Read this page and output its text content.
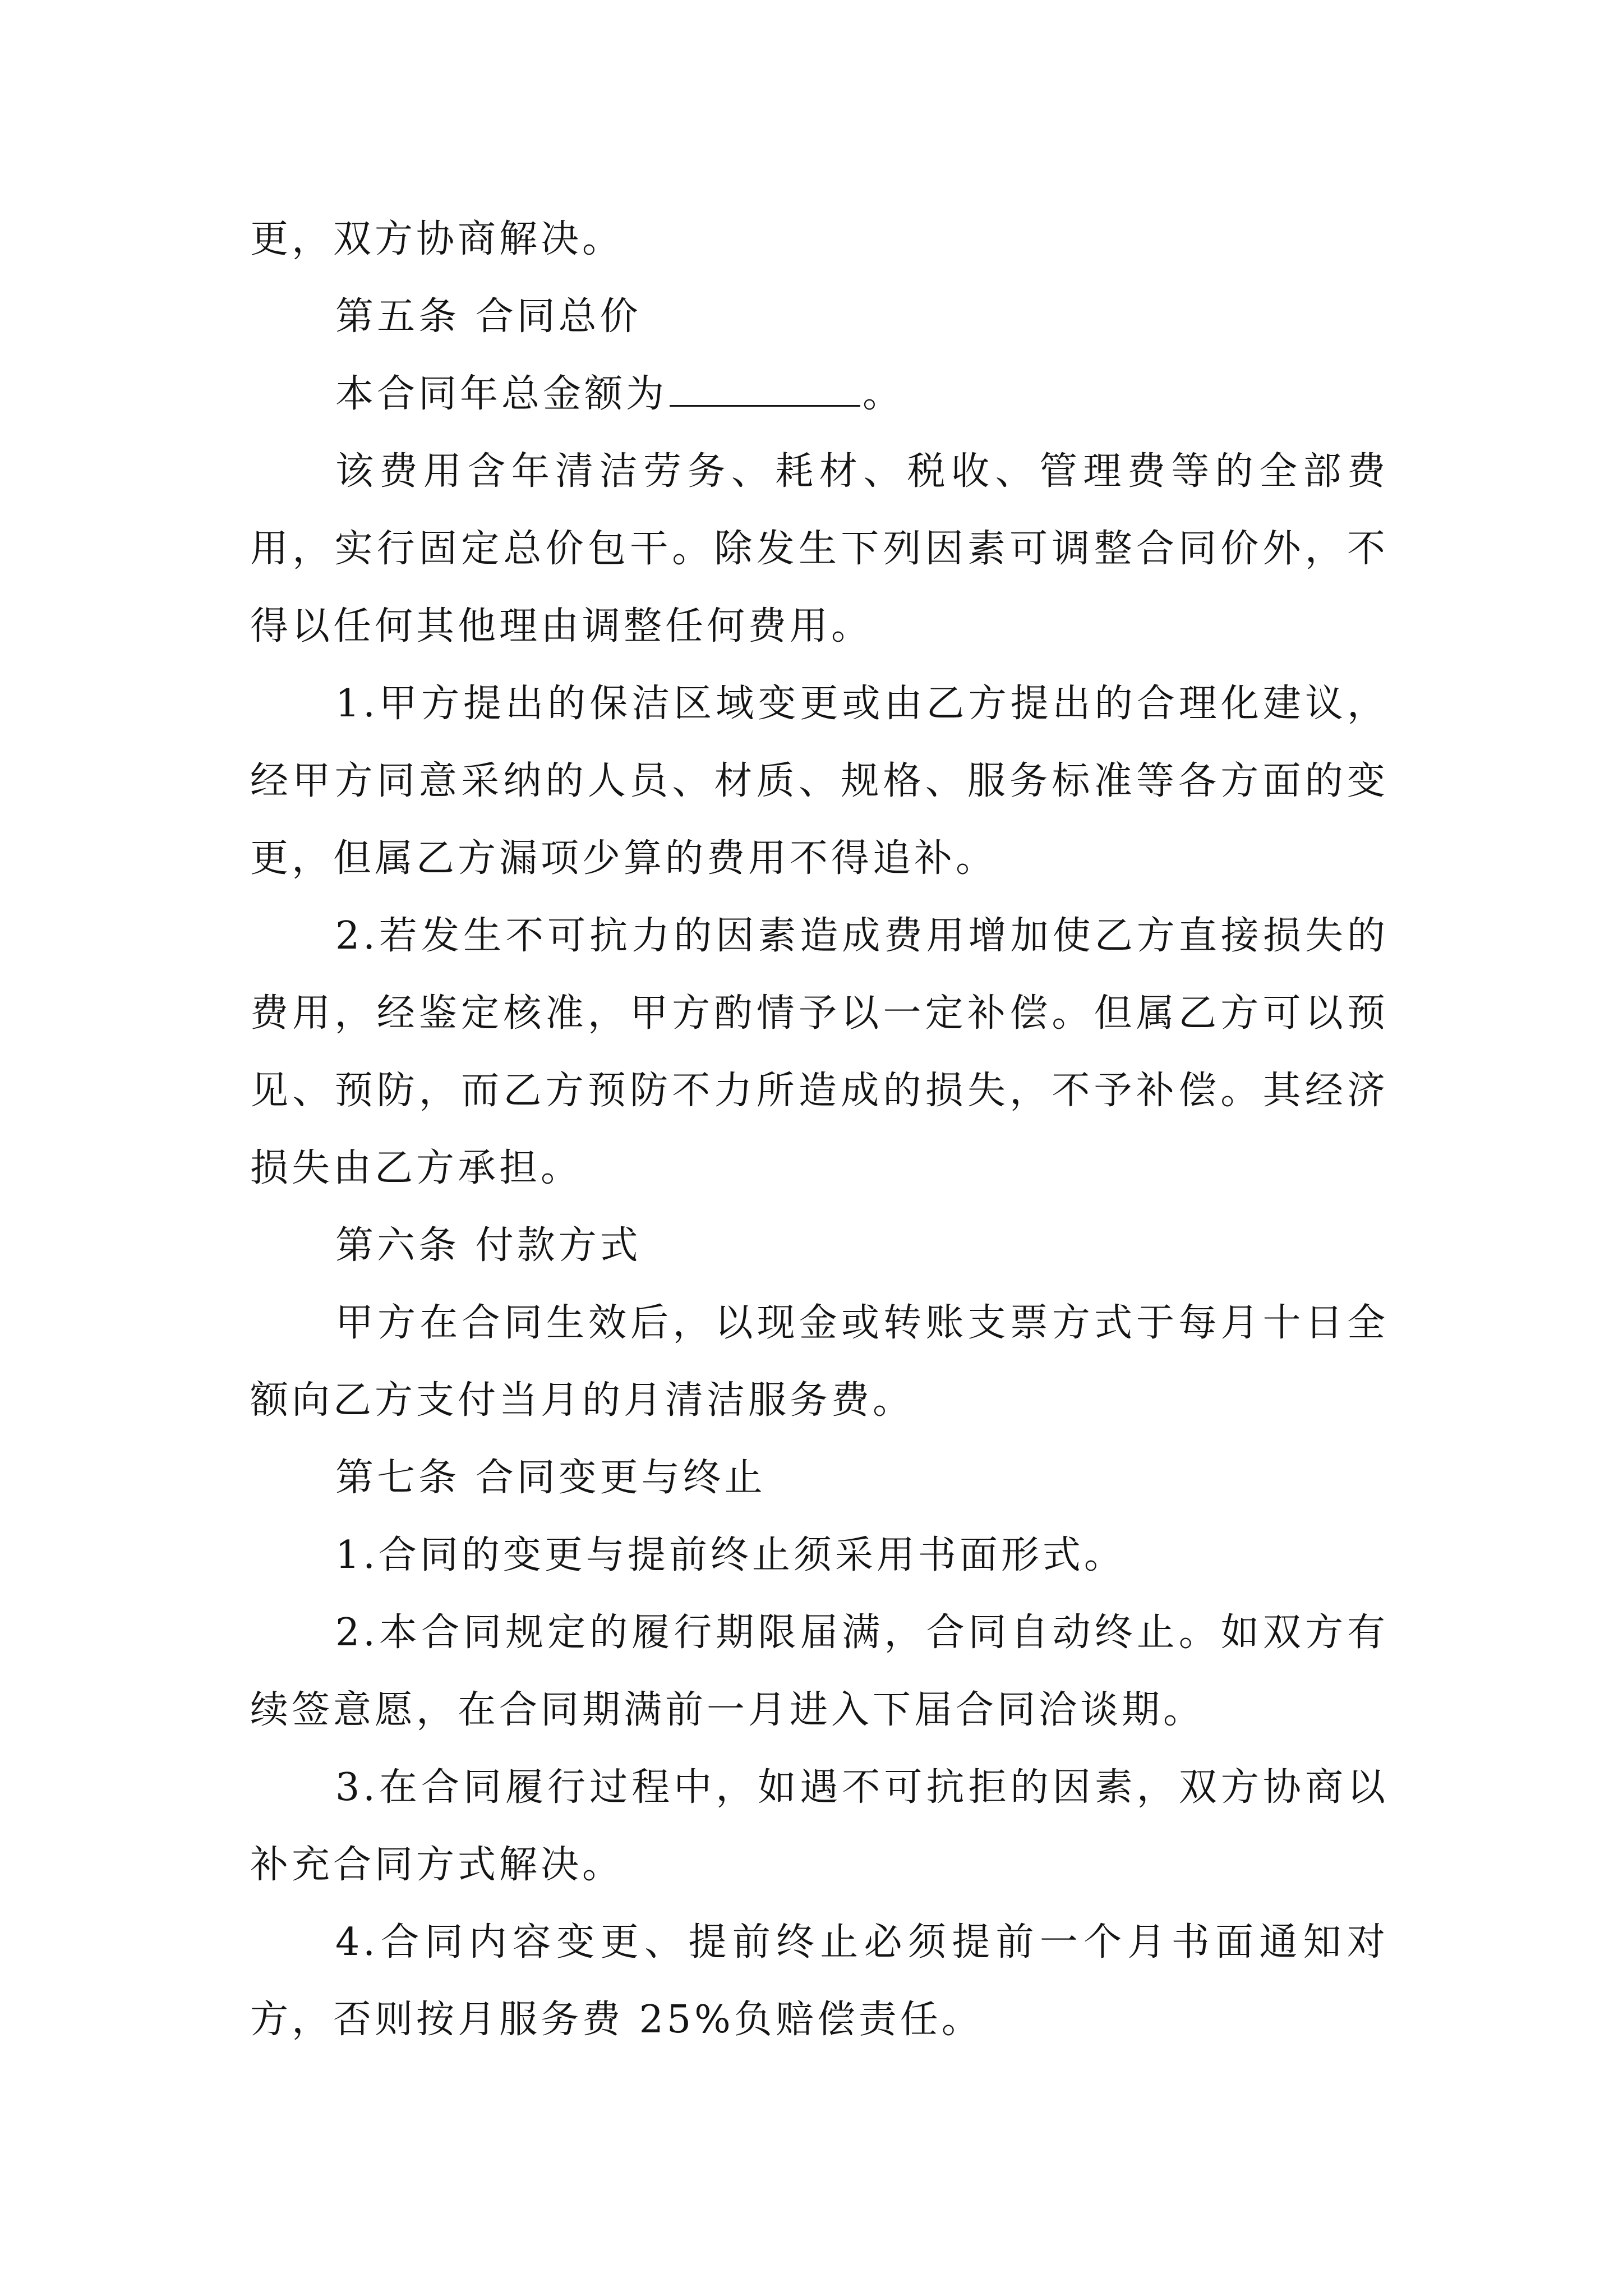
更，双方协商解决。

第五条 合同总价

本合同年总金额为	。

该费用含年清洁劳务、耗材、税收、管理费等的全部费用，实行固定总价包干。除发生下列因素可调整合同价外，不得以任何其他理由调整任何费用。

1.甲方提出的保洁区域变更或由乙方提出的合理化建议，经甲方同意采纳的人员、材质、规格、服务标准等各方面的变更，但属乙方漏项少算的费用不得追补。

2.若发生不可抗力的因素造成费用增加使乙方直接损失的费用，经鉴定核准，甲方酌情予以一定补偿。但属乙方可以预见、预防，而乙方预防不力所造成的损失，不予补偿。其经济损失由乙方承担。

第六条 付款方式

甲方在合同生效后，以现金或转账支票方式于每月十日全额向乙方支付当月的月清洁服务费。

第七条 合同变更与终止

1.合同的变更与提前终止须采用书面形式。

2.本合同规定的履行期限届满，合同自动终止。如双方有续签意愿，在合同期满前一月进入下届合同洽谈期。

3.在合同履行过程中，如遇不可抗拒的因素，双方协商以补充合同方式解决。

4.合同内容变更、提前终止必须提前一个月书面通知对方，否则按月服务费 25%负赔偿责任。
